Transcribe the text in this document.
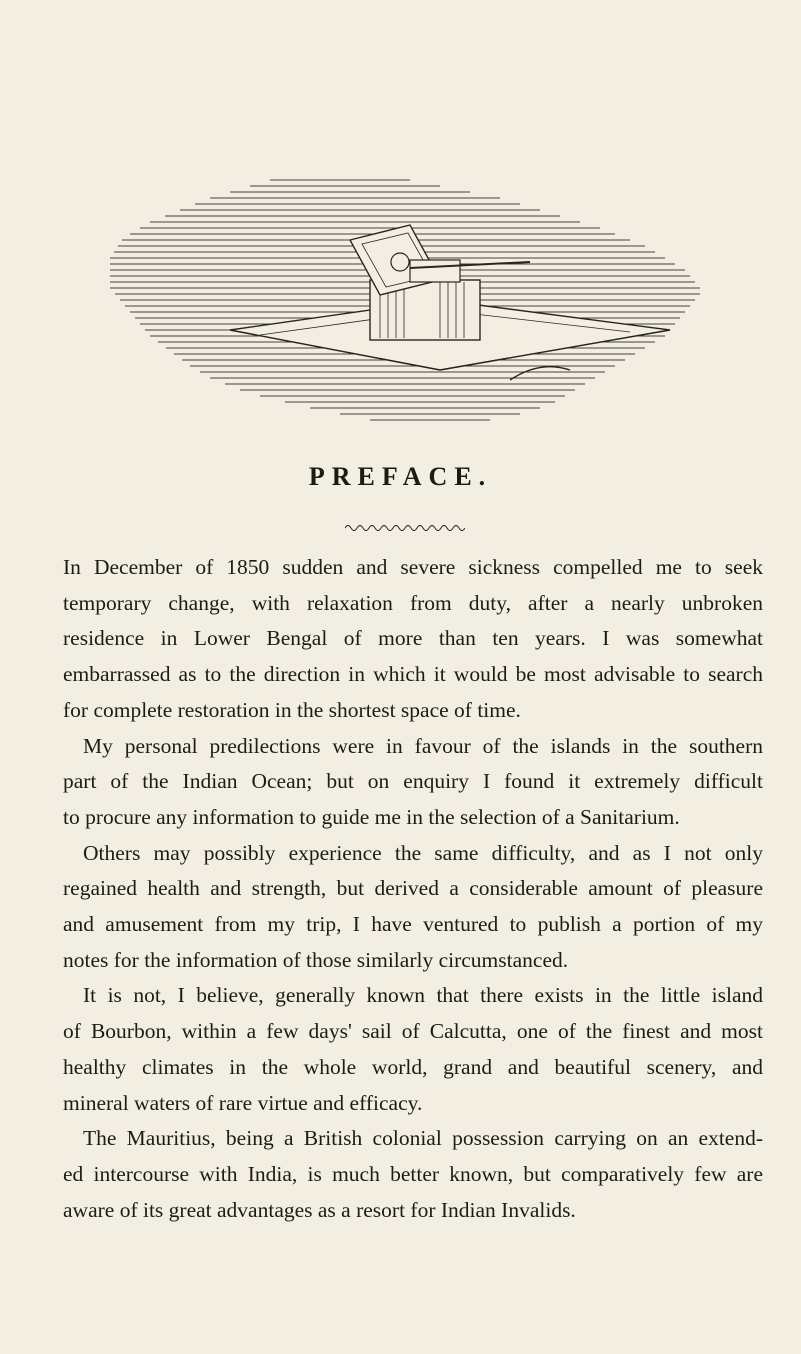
PREFACE.

In December of 1850 sudden and severe sickness compelled me to seek
temporary change, with relaxation from duty, after a nearly unbroken
residence in Lower Bengal of more than ten years. I was somewhat
embarrassed as to the direction in which it would be most advisable to search
for complete restoration in the shortest space of time.

My personal predilections were in favour of the islands in the southern
part of the Indian Ocean; but on enquiry I found it extremely difficult
to procure any information to guide me in the selection of a Sanitarium.

Others may possibly experience the same difficulty, and as I not only
regained health and strength, but derived a considerable amount of pleasure
and amusement from my trip, I have ventured to publish a portion of my
notes for the information of those similarly circumstanced.

It is not, I believe, generally known that there exists in the little island
of Bourbon, within a few days' sail of Calcutta, one of the finest and most
healthy climates in the whole world, grand and beautiful scenery, and
mineral waters of rare virtue and efficacy.

The Mauritius, being a British colonial possession carrying on an extend-
ed intercourse with India, is much better known, but comparatively few are
aware of its great advantages as a resort for Indian Invalids.
